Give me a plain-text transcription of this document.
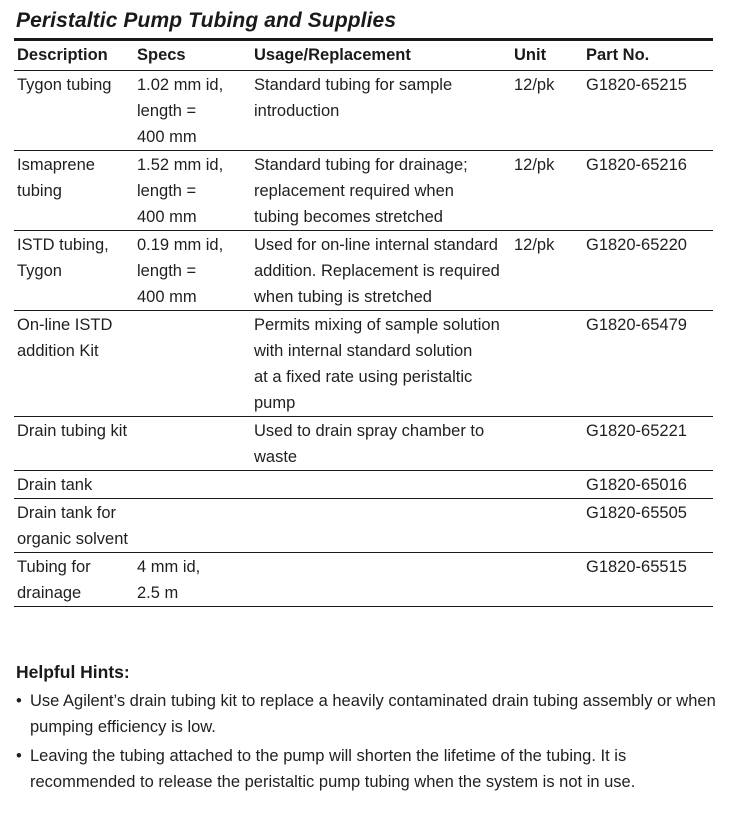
Peristaltic Pump Tubing and Supplies
Description	Specs	Usage/Replacement	Unit	Part No.
Tygon tubing	1.02 mm id,
length =
400 mm	Standard tubing for sample
introduction	12/pk	G1820-65215
Ismaprene
tubing	1.52 mm id,
length =
400 mm	Standard tubing for drainage;
replacement required when
tubing becomes stretched	12/pk	G1820-65216
ISTD tubing,
Tygon	0.19 mm id,
length =
400 mm	Used for on-line internal standard
addition. Replacement is required
when tubing is stretched	12/pk	G1820-65220
On-line ISTD
addition Kit		Permits mixing of sample solution
with internal standard solution
at a fixed rate using peristaltic pump		G1820-65479
Drain tubing kit		Used to drain spray chamber to waste		G1820-65221
Drain tank				G1820-65016
Drain tank for
organic solvent				G1820-65505
Tubing for
drainage	4 mm id,
2.5 m			G1820-65515
Helpful Hints:
• Use Agilent’s drain tubing kit to replace a heavily contaminated drain tubing assembly or when pumping efficiency is low.
• Leaving the tubing attached to the pump will shorten the lifetime of the tubing. It is recommended to release the peristaltic pump tubing when the system is not in use.
